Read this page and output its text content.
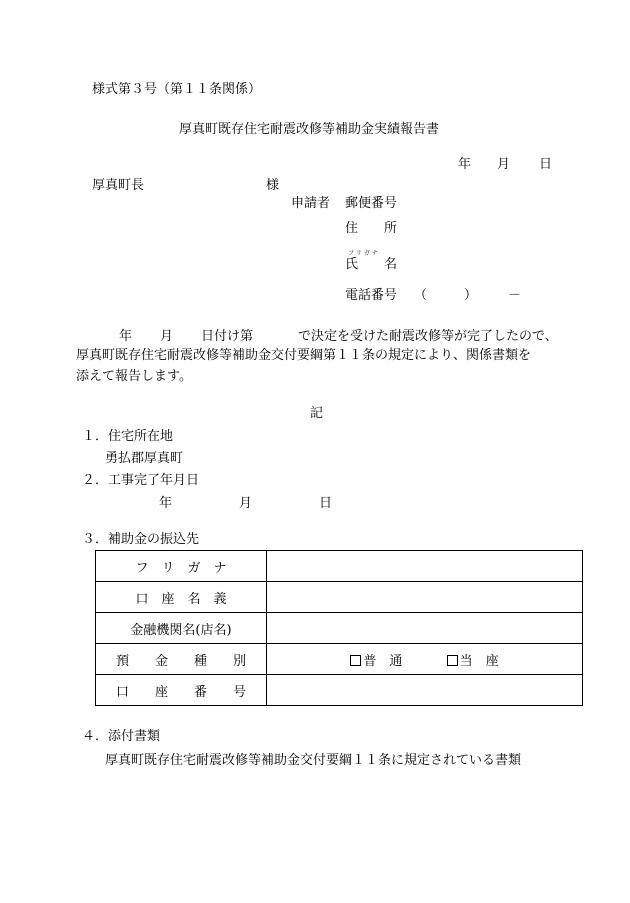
様式第３号（第１１条関係）
厚真町既存住宅耐震改修等補助金実績報告書
年 月 日
厚真町長	様
申請者 郵便番号
住　　所
フ リ ガ ナ
氏　　名
電話番号 （	） －
年 月 日付け第	で決定を受けた耐震改修等が完了したので、
厚真町既存住宅耐震改修等補助金交付要綱第１１条の規定により、関係書類を
添えて報告します。
記
１．住宅所在地
勇払郡厚真町
２．工事完了年月日
年	月	日
３．補助金の振込先
フ　リ　ガ　ナ	
口　座　名　義	
金融機関名(店名)	
預　　金　　種　　別	普　通 当　座
口　　座　　番　　号	
４．添付書類
厚真町既存住宅耐震改修等補助金交付要綱１１条に規定されている書類
